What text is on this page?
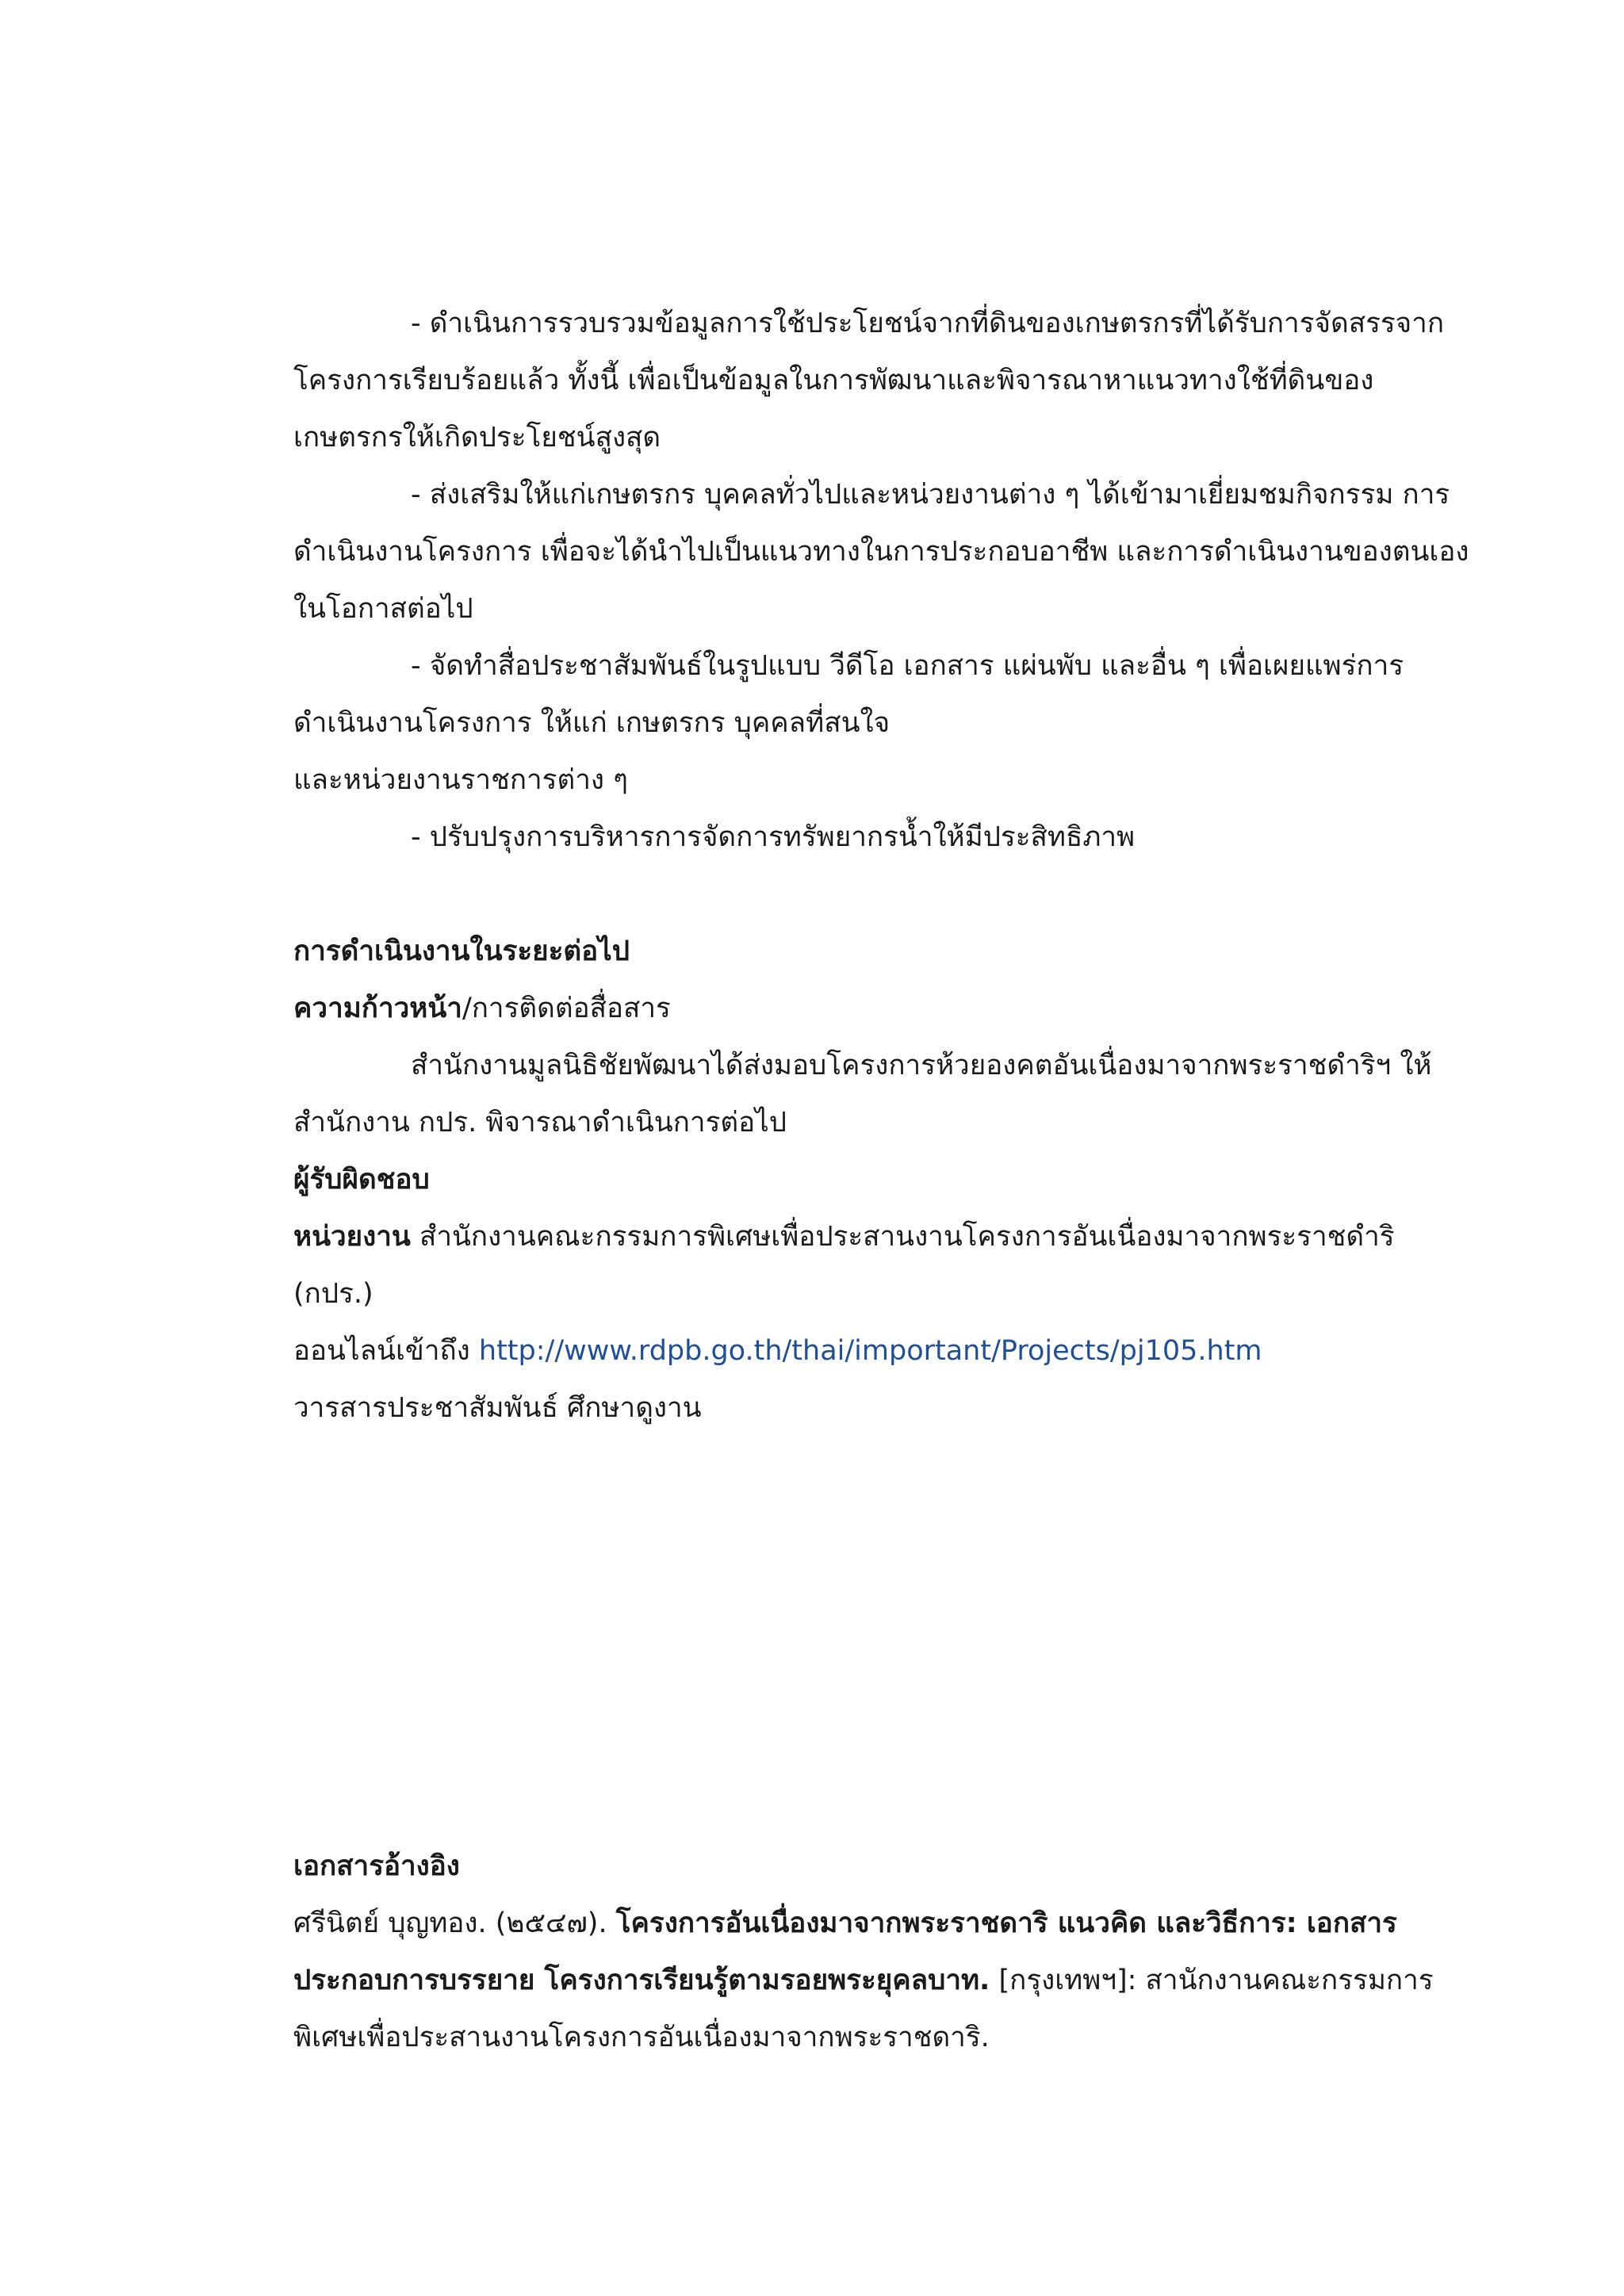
- ดำเนินการรวบรวมข้อมูลการใช้ประโยชน์จากที่ดินของเกษตรกรที่ได้รับการจัดสรรจาก
โครงการเรียบร้อยแล้ว ทั้งนี้ เพื่อเป็นข้อมูลในการพัฒนาและพิจารณาหาแนวทางใช้ที่ดินของ
เกษตรกรให้เกิดประโยชน์สูงสุด
- ส่งเสริมให้แก่เกษตรกร บุคคลทั่วไปและหน่วยงานต่าง ๆ ได้เข้ามาเยี่ยมชมกิจกรรม การ
ดำเนินงานโครงการ เพื่อจะได้นำไปเป็นแนวทางในการประกอบอาชีพ และการดำเนินงานของตนเอง
ในโอกาสต่อไป
- จัดทำสื่อประชาสัมพันธ์ในรูปแบบ วีดีโอ เอกสาร แผ่นพับ และอื่น ๆ เพื่อเผยแพร่การ
ดำเนินงานโครงการ ให้แก่ เกษตรกร บุคคลที่สนใจ
และหน่วยงานราชการต่าง ๆ
- ปรับปรุงการบริหารการจัดการทรัพยากรน้ำให้มีประสิทธิภาพ
การดำเนินงานในระยะต่อไป
ความก้าวหน้า/การติดต่อสื่อสาร
สำนักงานมูลนิธิชัยพัฒนาได้ส่งมอบโครงการห้วยองคตอันเนื่องมาจากพระราชดำริฯ ให้
สำนักงาน กปร. พิจารณาดำเนินการต่อไป
ผู้รับผิดชอบ
หน่วยงาน สำนักงานคณะกรรมการพิเศษเพื่อประสานงานโครงการอันเนื่องมาจากพระราชดำริ
(กปร.)
ออนไลน์เข้าถึง http://www.rdpb.go.th/thai/important/Projects/pj105.htm
วารสารประชาสัมพันธ์ ศึกษาดูงาน
เอกสารอ้างอิง
ศรีนิตย์ บุญทอง. (๒๕๔๗). โครงการอันเนื่องมาจากพระราชดาริ แนวคิด และวิธีการ: เอกสาร
ประกอบการบรรยาย โครงการเรียนรู้ตามรอยพระยุคลบาท. [กรุงเทพฯ]: สานักงานคณะกรรมการ
พิเศษเพื่อประสานงานโครงการอันเนื่องมาจากพระราชดาริ.
